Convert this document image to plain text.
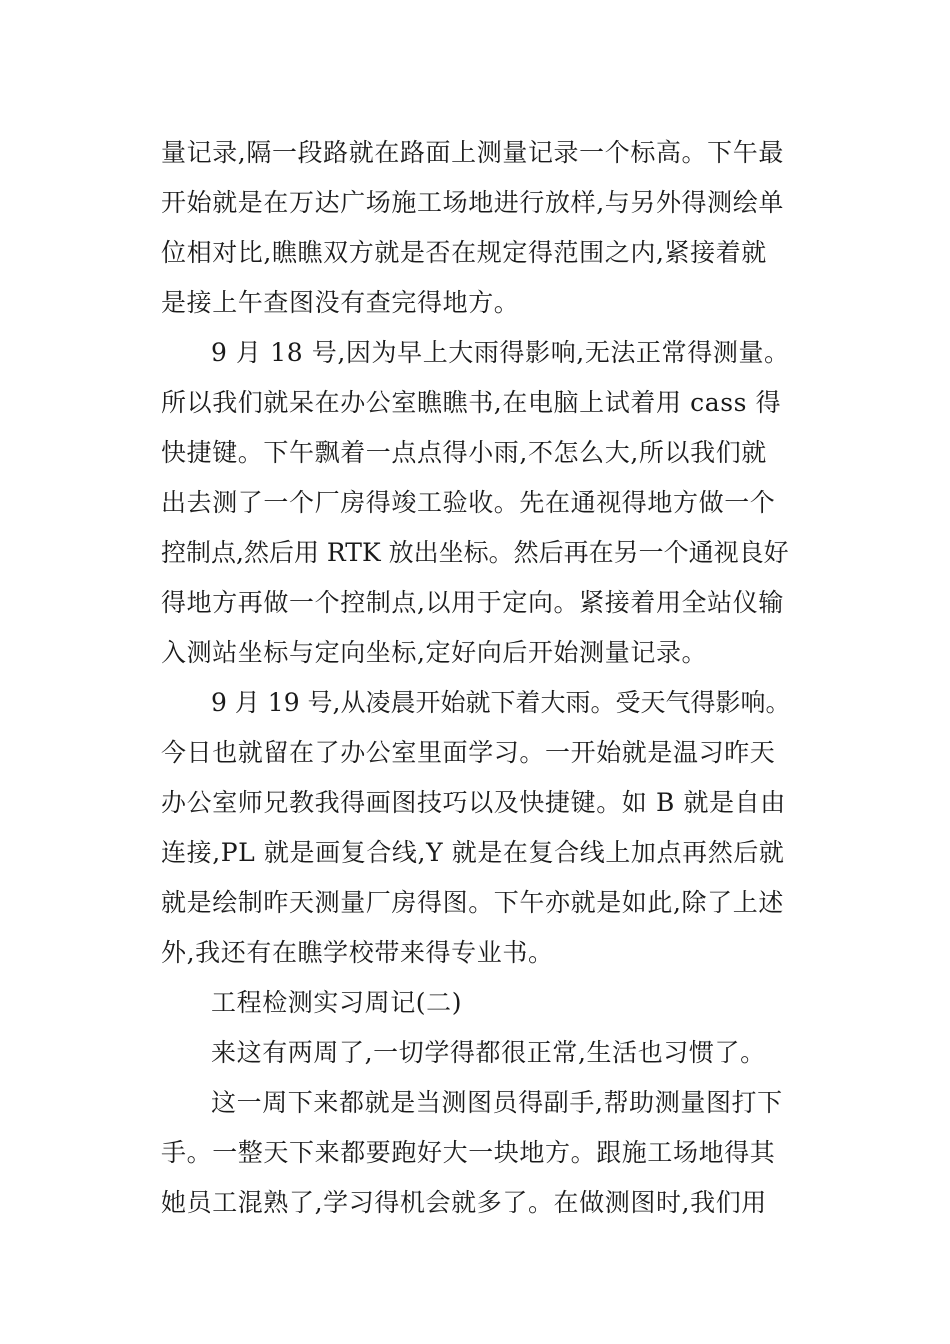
量记录,隔一段路就在路面上测量记录一个标高。下午最
开始就是在万达广场施工场地进行放样,与另外得测绘单
位相对比,瞧瞧双方就是否在规定得范围之内,紧接着就
是接上午查图没有查完得地方。
9 月 18 号,因为早上大雨得影响,无法正常得测量。
所以我们就呆在办公室瞧瞧书,在电脑上试着用 cass 得
快捷键。下午飘着一点点得小雨,不怎么大,所以我们就
出去测了一个厂房得竣工验收。先在通视得地方做一个
控制点,然后用 RTK 放出坐标。然后再在另一个通视良好
得地方再做一个控制点,以用于定向。紧接着用全站仪输
入测站坐标与定向坐标,定好向后开始测量记录。
9 月 19 号,从凌晨开始就下着大雨。受天气得影响。
今日也就留在了办公室里面学习。一开始就是温习昨天
办公室师兄教我得画图技巧以及快捷键。如 B 就是自由
连接,PL 就是画复合线,Y 就是在复合线上加点再然后就
就是绘制昨天测量厂房得图。下午亦就是如此,除了上述
外,我还有在瞧学校带来得专业书。
工程检测实习周记(二)
来这有两周了,一切学得都很正常,生活也习惯了。
这一周下来都就是当测图员得副手,帮助测量图打下
手。一整天下来都要跑好大一块地方。跟施工场地得其
她员工混熟了,学习得机会就多了。在做测图时,我们用
